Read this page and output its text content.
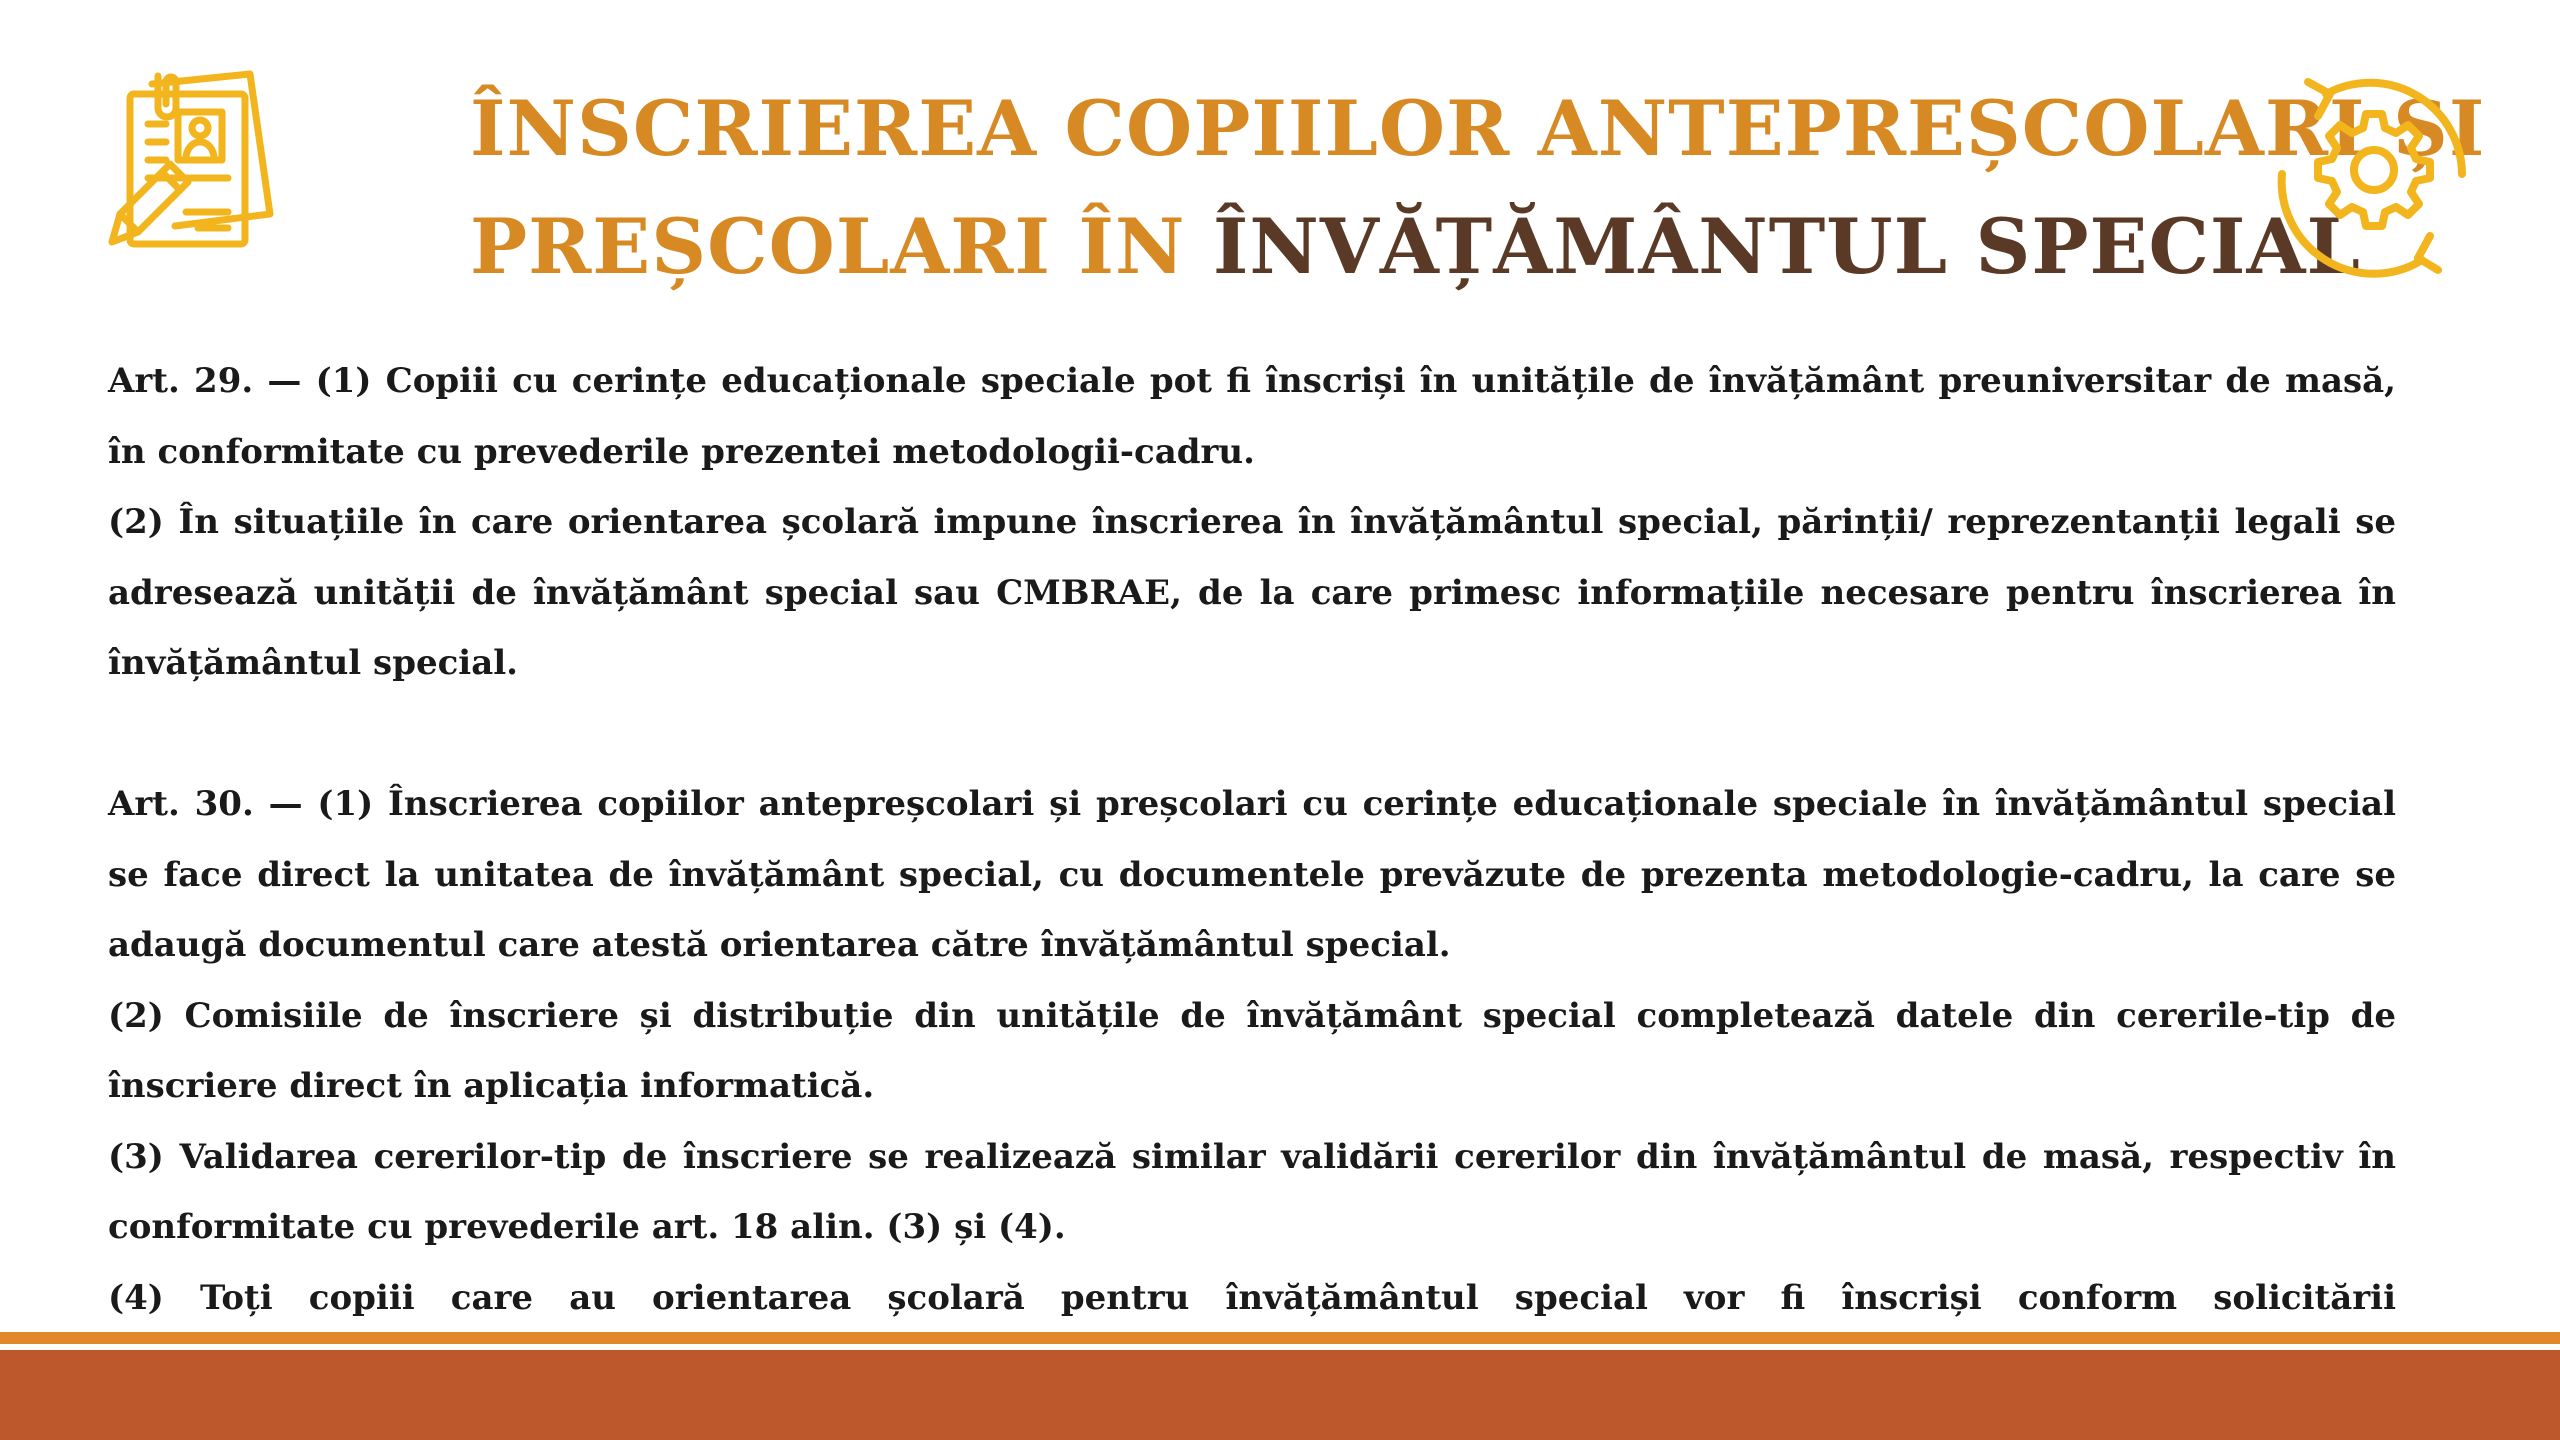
ÎNSCRIEREA COPIILOR ANTEPREȘCOLARI ȘI
PREȘCOLARI ÎN ÎNVĂȚĂMÂNTUL SPECIAL

Art. 29. — (1) Copiii cu cerințe educaționale speciale pot fi înscriși în unitățile de învățământ preuniversitar de masă, în conformitate cu prevederile prezentei metodologii-cadru.

(2) În situațiile în care orientarea școlară impune înscrierea în învățământul special, părinții/ reprezentanții legali se adresează unității de învățământ special sau CMBRAE, de la care primesc informațiile necesare pentru înscrierea în învățământul special.

Art. 30. — (1) Înscrierea copiilor antepreșcolari și preșcolari cu cerințe educaționale speciale în învățământul special se face direct la unitatea de învățământ special, cu documentele prevăzute de prezenta metodologie-cadru, la care se adaugă documentul care atestă orientarea către învățământul special.

(2) Comisiile de înscriere și distribuție din unitățile de învățământ special completează datele din cererile-tip de înscriere direct în aplicația informatică.

(3) Validarea cererilor-tip de înscriere se realizează similar validării cererilor din învățământul de masă, respectiv în conformitate cu prevederile art. 18 alin. (3) și (4).

(4) Toți copiii care au orientarea școlară pentru învățământul special vor fi înscriși conform solicitării
